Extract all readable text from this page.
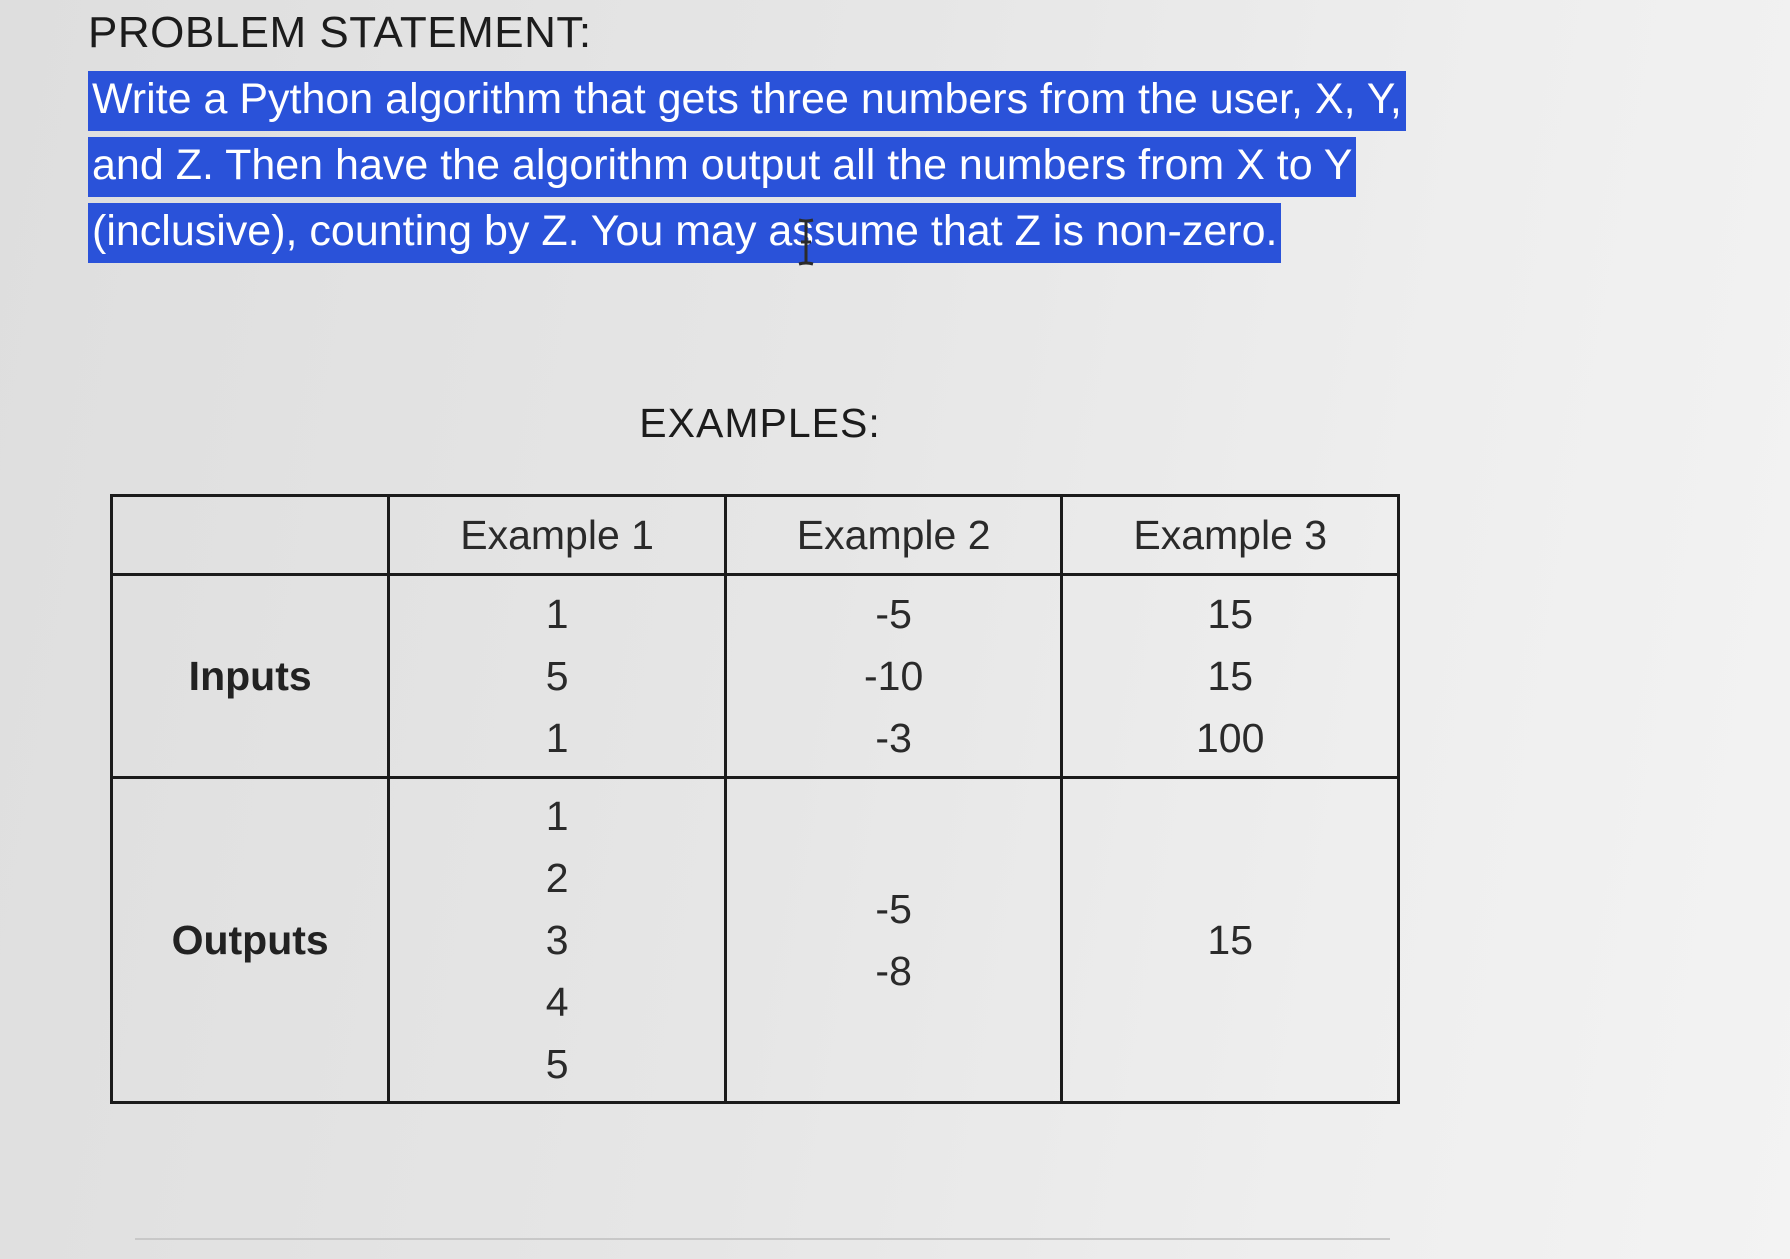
PROBLEM STATEMENT:

Write a Python algorithm that gets three numbers from the user, X, Y, and Z. Then have the algorithm output all the numbers from X to Y (inclusive), counting by Z. You may assume that Z is non-zero.

EXAMPLES:
	Example 1	Example 2	Example 3
Inputs	1
5
1	-5
-10
-3	15
15
100

Outputs	1
2
3
4
5	-5
-8	15
